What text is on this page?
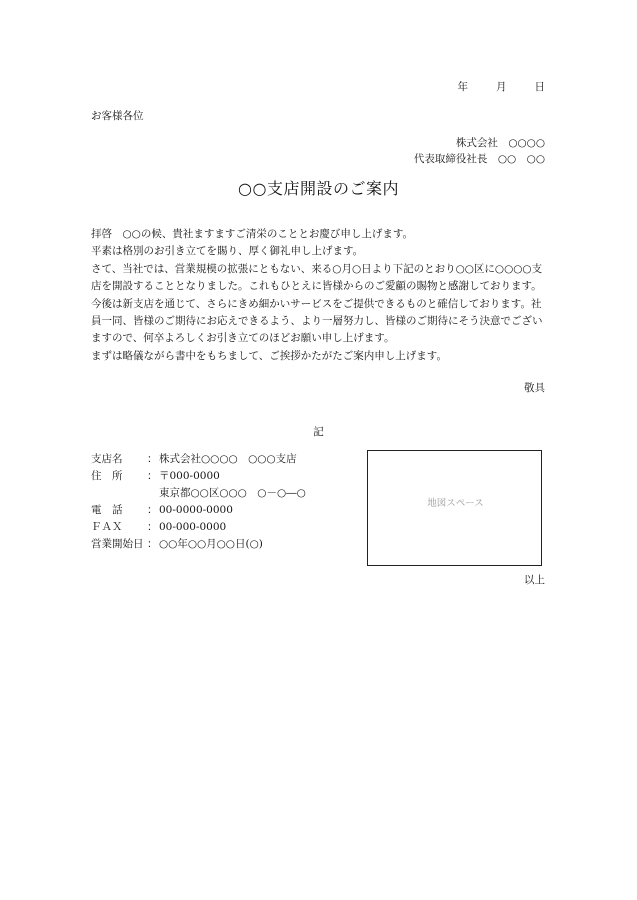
年	月	日
お客様各位
株式会社　○○○○
代表取締役社長　○○　○○
○○支店開設のご案内

拝啓　○○の候、貴社ますますご清栄のこととお慶び申し上げます。

平素は格別のお引き立てを賜り、厚く御礼申し上げます。

さて、当社では、営業規模の拡張にともない、来る○月○日より下記のとおり○○区に○○○○支店を開設することとなりました。これもひとえに皆様からのご愛顧の賜物と感謝しております。

今後は新支店を通じて、さらにきめ細かいサービスをご提供できるものと確信しております。社員一同、皆様のご期待にお応えできるよう、より一層努力し、皆様のご期待にそう決意でございますので、何卒よろしくお引き立てのほどお願い申し上げます。

まずは略儀ながら書中をもちまして、ご挨拶かたがたご案内申し上げます。

敬具
記
支店名	： 株式会社○○○○　○○○支店
住　所	： 〒000-0000
東京都○○区○○○　○－○―○
電　話	： 00-0000-0000
ＦＡＸ	： 00-000-0000
営業開始日 ： ○○年○○月○○日(○)
地図スペース
以上
